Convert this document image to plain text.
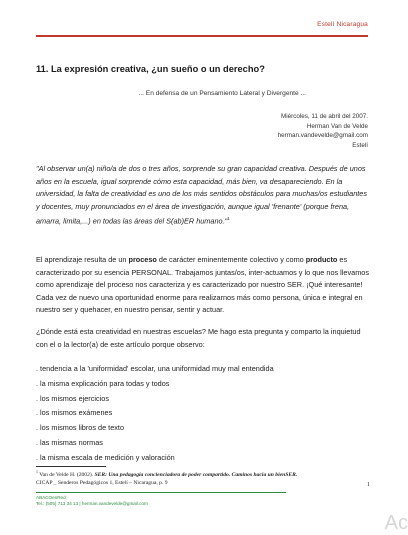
Estelí Nicaragua
11. La expresión creativa, ¿un sueño o un derecho?
... En defensa de un Pensamiento Lateral y Divergente ...
Miércoles, 11 de abril del 2007.
Herman Van de Velde
herman.vandevelde@gmail.com
Estelí
"Al observar un(a) niño/a de dos o tres años, sorprende su gran capacidad creativa. Después de unos años en la escuela, igual sorprende cómo esta capacidad, más bien, va desapareciendo. En la universidad, la falta de creatividad es uno de los más sentidos obstáculos para muchas/os estudiantes y docentes, muy pronunciados en el área de investigación, aunque igual 'frenante' (porque frena, amarra, limita,...) en todas las áreas del S(ab)ER humano."$^1$
El aprendizaje resulta de un proceso de carácter eminentemente colectivo y como producto es caracterizado por su esencia PERSONAL. Trabajamos juntas/os, inter-actuamos y lo que nos llevamos como aprendizaje del proceso nos caracteriza y es caracterizado por nuestro SER. ¡Qué interesante! Cada vez de nuevo una oportunidad enorme para realizarnos más como persona, única e integral en nuestro ser y quehacer, en nuestro pensar, sentir y actuar.
¿Dónde está esta creatividad en nuestras escuelas? Me hago esta pregunta y comparto la inquietud con el o la lector(a) de este artículo porque observo:
. tendencia a la 'uniformidad' escolar, una uniformidad muy mal entendida
. la misma explicación para todas y todos
. los mismos ejercicios
. los mismos exámenes
. los mismos libros de texto
. las mismas normas
. la misma escala de medición y valoración
$^1$ Van de Velde H. (2002). SER: Una pedagogía concienciadora de poder compartido. Caminos hacia un bienSER.
CICAP _ Senderos Pedagógicos 1, Estelí – Nicaragua, p. 9	1
ABACOenRed
Tel.: (505) 713 34 13 | herman.vandevelde@gmail.com
Ac
